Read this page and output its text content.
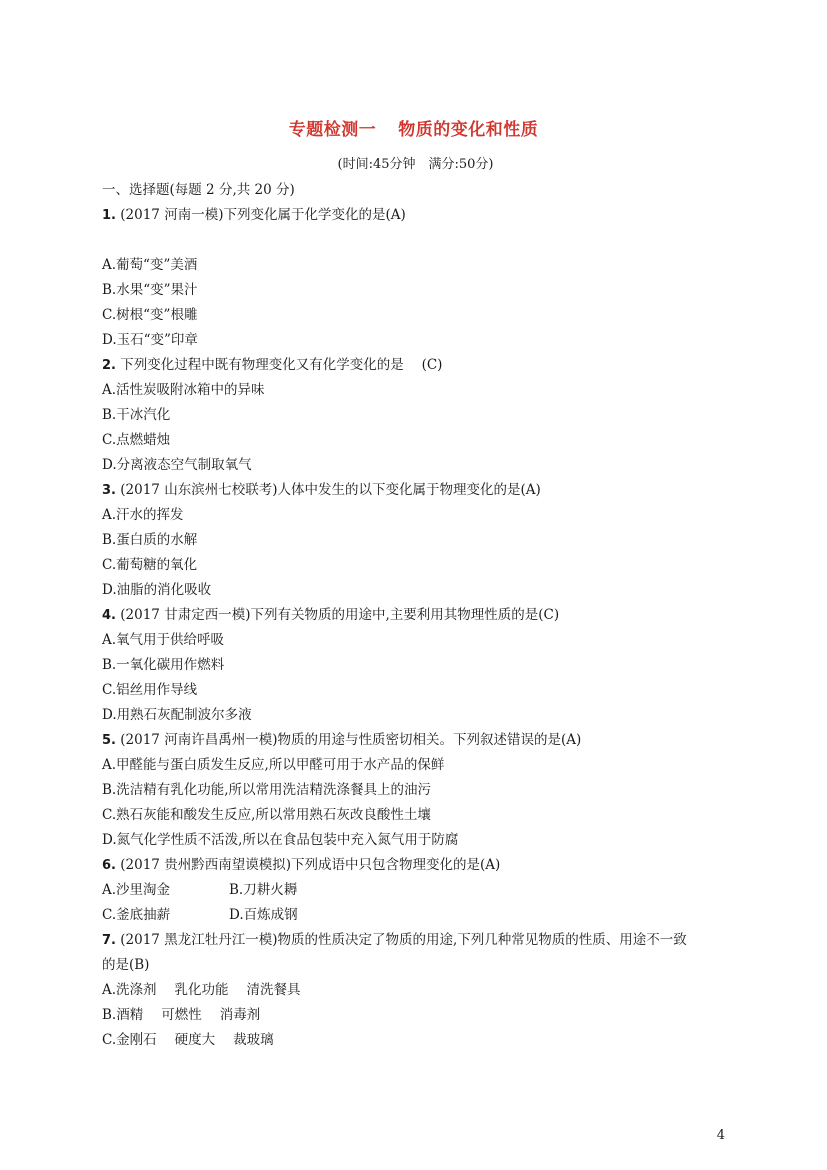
专题检测一 物质的变化和性质
(时间:45分钟　满分:50分)
一、选择题(每题 2 分,共 20 分)
1. (2017 河南一模)下列变化属于化学变化的是(A)
A.葡萄“变”美酒
B.水果“变”果汁
C.树根“变”根雕
D.玉石“变”印章
2. 下列变化过程中既有物理变化又有化学变化的是　 (C)
A.活性炭吸附冰箱中的异味
B.干冰汽化
C.点燃蜡烛
D.分离液态空气制取氧气
3. (2017 山东滨州七校联考)人体中发生的以下变化属于物理变化的是(A)
A.汗水的挥发
B.蛋白质的水解
C.葡萄糖的氧化
D.油脂的消化吸收
4. (2017 甘肃定西一模)下列有关物质的用途中,主要利用其物理性质的是(C)
A.氧气用于供给呼吸
B.一氧化碳用作燃料
C.铝丝用作导线
D.用熟石灰配制波尔多液
5. (2017 河南许昌禹州一模)物质的用途与性质密切相关。下列叙述错误的是(A)
A.甲醛能与蛋白质发生反应,所以甲醛可用于水产品的保鲜
B.洗洁精有乳化功能,所以常用洗洁精洗涤餐具上的油污
C.熟石灰能和酸发生反应,所以常用熟石灰改良酸性土壤
D.氮气化学性质不活泼,所以在食品包装中充入氮气用于防腐
6. (2017 贵州黔西南望谟模拟)下列成语中只包含物理变化的是(A)
A.沙里淘金	B.刀耕火耨
C.釜底抽薪	D.百炼成钢
7. (2017 黑龙江牡丹江一模)物质的性质决定了物质的用途,下列几种常见物质的性质、用途不一致
的是(B)
A.洗涤剂 乳化功能 清洗餐具
B.酒精 可燃性 消毒剂
C.金刚石 硬度大 裁玻璃
4
